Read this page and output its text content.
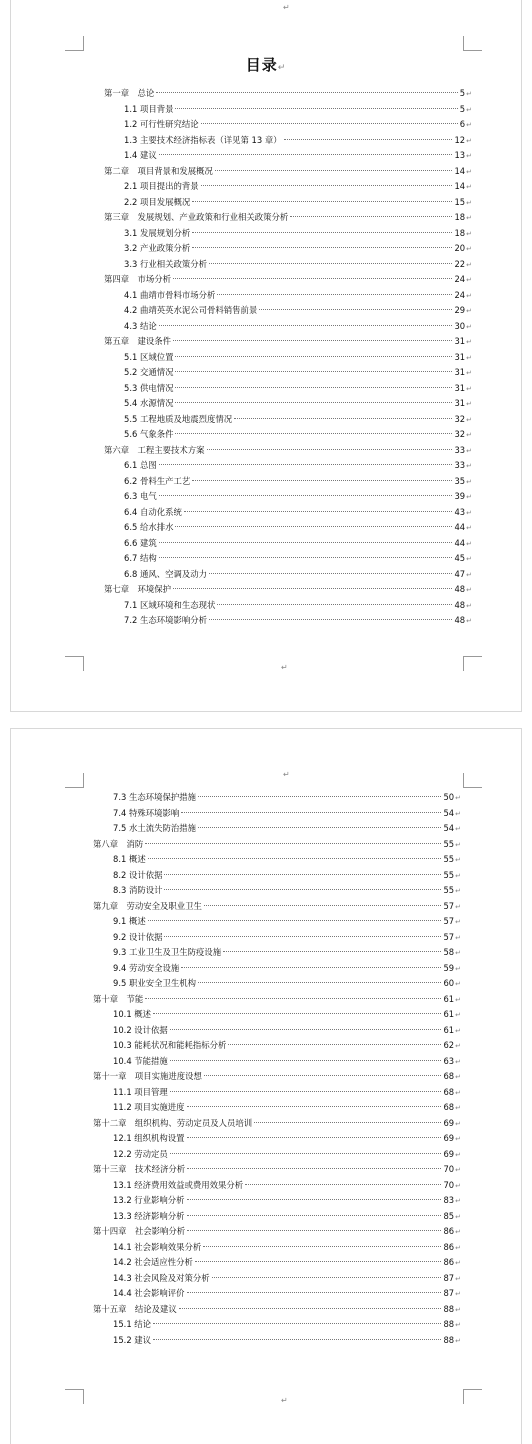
↵
目录↵
第一章　总论	5 ↵
1.1 项目背景	5 ↵
1.2 可行性研究结论	6 ↵
1.3 主要技术经济指标表（详见第 13 章）	12 ↵
1.4 建议	13 ↵
第二章　项目背景和发展概况	14 ↵
2.1 项目提出的背景	14 ↵
2.2 项目发展概况	15 ↵
第三章　发展规划、产业政策和行业相关政策分析	18 ↵
3.1 发展规划分析	18 ↵
3.2 产业政策分析	20 ↵
3.3 行业相关政策分析	22 ↵
第四章　市场分析	24 ↵
4.1 曲靖市骨料市场分析	24 ↵
4.2 曲靖英英水泥公司骨料销售前景	29 ↵
4.3 结论	30 ↵
第五章　建设条件	31 ↵
5.1 区域位置	31 ↵
5.2 交通情况	31 ↵
5.3 供电情况	31 ↵
5.4 水源情况	31 ↵
5.5 工程地质及地震烈度情况	32 ↵
5.6 气象条件	32 ↵
第六章　工程主要技术方案	33 ↵
6.1 总图	33 ↵
6.2 骨料生产工艺	35 ↵
6.3 电气	39 ↵
6.4 自动化系统	43 ↵
6.5 给水排水	44 ↵
6.6 建筑	44 ↵
6.7 结构	45 ↵
6.8 通风、空调及动力	47 ↵
第七章　环境保护	48 ↵
7.1 区域环境和生态现状	48 ↵
7.2 生态环境影响分析	48 ↵
↵
↵
↵
7.3 生态环境保护措施	50 ↵
7.4 特殊环境影响	54 ↵
7.5 水土流失防治措施	54 ↵
第八章　消防	55 ↵
8.1 概述	55 ↵
8.2 设计依据	55 ↵
8.3 消防设计	55 ↵
第九章　劳动安全及职业卫生	57 ↵
9.1 概述	57 ↵
9.2 设计依据	57 ↵
9.3 工业卫生及卫生防疫设施	58 ↵
9.4 劳动安全设施	59 ↵
9.5 职业安全卫生机构	60 ↵
第十章　节能	61 ↵
10.1 概述	61 ↵
10.2 设计依据	61 ↵
10.3 能耗状况和能耗指标分析	62 ↵
10.4 节能措施	63 ↵
第十一章　项目实施进度设想	68 ↵
11.1 项目管理	68 ↵
11.2 项目实施进度	68 ↵
第十二章　组织机构、劳动定员及人员培训	69 ↵
12.1 组织机构设置	69 ↵
12.2 劳动定员	69 ↵
第十三章　技术经济分析	70 ↵
13.1 经济费用效益或费用效果分析	70 ↵
13.2 行业影响分析	83 ↵
13.3 经济影响分析	85 ↵
第十四章　社会影响分析	86 ↵
14.1 社会影响效果分析	86 ↵
14.2 社会适应性分析	86 ↵
14.3 社会风险及对策分析	87 ↵
14.4 社会影响评价	87 ↵
第十五章　结论及建议	88 ↵
15.1 结论	88 ↵
15.2 建议	88 ↵
